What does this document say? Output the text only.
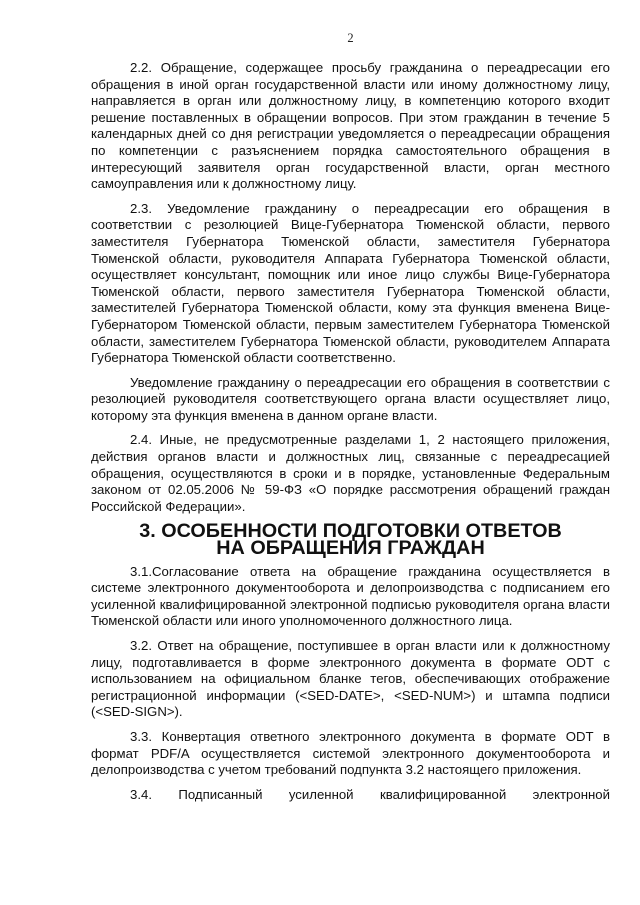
2

2.2. Обращение, содержащее просьбу гражданина о переадресации его обращения в иной орган государственной власти или иному должностному лицу, направляется в орган или должностному лицу, в компетенцию которого входит решение поставленных в обращении вопросов. При этом гражданин в течение 5 календарных дней со дня регистрации уведомляется о переадресации обращения по компетенции с разъяснением порядка самостоятельного обращения в интересующий заявителя орган государственной власти, орган местного самоуправления или к должностному лицу.

2.3. Уведомление гражданину о переадресации его обращения в соответствии с резолюцией Вице-Губернатора Тюменской области, первого заместителя Губернатора Тюменской области, заместителя Губернатора Тюменской области, руководителя Аппарата Губернатора Тюменской области, осуществляет консультант, помощник или иное лицо службы Вице-Губернатора Тюменской области, первого заместителя Губернатора Тюменской области, заместителей Губернатора Тюменской области, кому эта функция вменена Вице-Губернатором Тюменской области, первым заместителем Губернатора Тюменской области, заместителем Губернатора Тюменской области, руководителем Аппарата Губернатора Тюменской области соответственно.

Уведомление гражданину о переадресации его обращения в соответствии с резолюцией руководителя соответствующего органа власти осуществляет лицо, которому эта функция вменена в данном органе власти.

2.4. Иные, не предусмотренные разделами 1, 2 настоящего приложения, действия органов власти и должностных лиц, связанные с переадресацией обращения, осуществляются в сроки и в порядке, установленные Федеральным законом от 02.05.2006 № 59-ФЗ «О порядке рассмотрения обращений граждан Российской Федерации».

3. ОСОБЕННОСТИ ПОДГОТОВКИ ОТВЕТОВ
НА ОБРАЩЕНИЯ ГРАЖДАН

3.1.Согласование ответа на обращение гражданина осуществляется в системе электронного документооборота и делопроизводства с подписанием его усиленной квалифицированной электронной подписью руководителя органа власти Тюменской области или иного уполномоченного должностного лица.

3.2. Ответ на обращение, поступившее в орган власти или к должностному лицу, подготавливается в форме электронного документа в формате ODT с использованием на официальном бланке тегов, обеспечивающих отображение регистрационной информации (<SED-DATE>, <SED-NUM>) и штампа подписи (<SED-SIGN>).

3.3. Конвертация ответного электронного документа в формате ODT в формат PDF/A осуществляется системой электронного документооборота и делопроизводства с учетом требований подпункта 3.2 настоящего приложения.

3.4. Подписанный усиленной квалифицированной электронной
